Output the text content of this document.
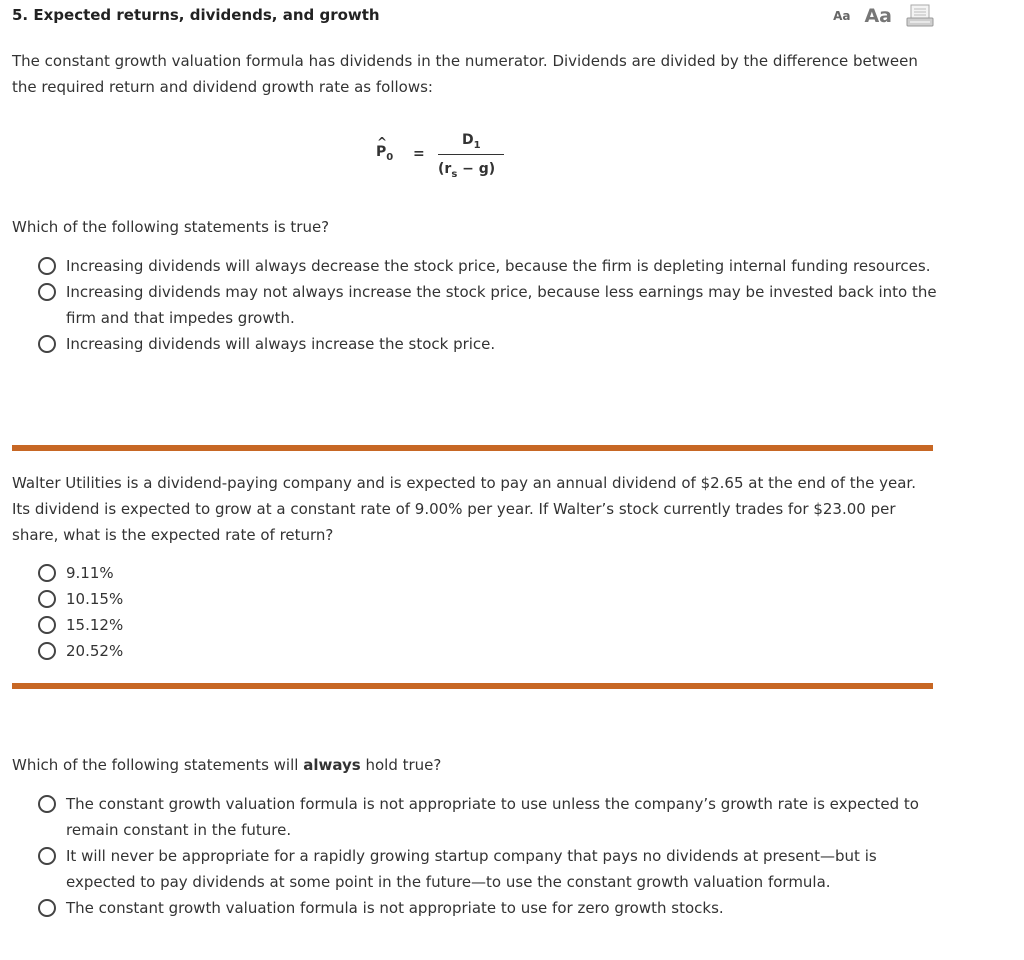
5. Expected returns, dividends, and growth	Aa Aa
The constant growth valuation formula has dividends in the numerator. Dividends are divided by the difference between the required return and dividend growth rate as follows:
^ $P_0$ =
$D_1$
$(r_s - g)$
Which of the following statements is true?
Increasing dividends will always decrease the stock price, because the firm is depleting internal funding resources.
Increasing dividends may not always increase the stock price, because less earnings may be invested back into the firm and that impedes growth.
Increasing dividends will always increase the stock price.
Walter Utilities is a dividend-paying company and is expected to pay an annual dividend of $2.65 at the end of the year. Its dividend is expected to grow at a constant rate of 9.00% per year. If Walter’s stock currently trades for $23.00 per share, what is the expected rate of return?
9.11%
10.15%
15.12%
20.52%
Which of the following statements will always hold true?
The constant growth valuation formula is not appropriate to use unless the company’s growth rate is expected to remain constant in the future.
It will never be appropriate for a rapidly growing startup company that pays no dividends at present—but is expected to pay dividends at some point in the future—to use the constant growth valuation formula.
The constant growth valuation formula is not appropriate to use for zero growth stocks.
